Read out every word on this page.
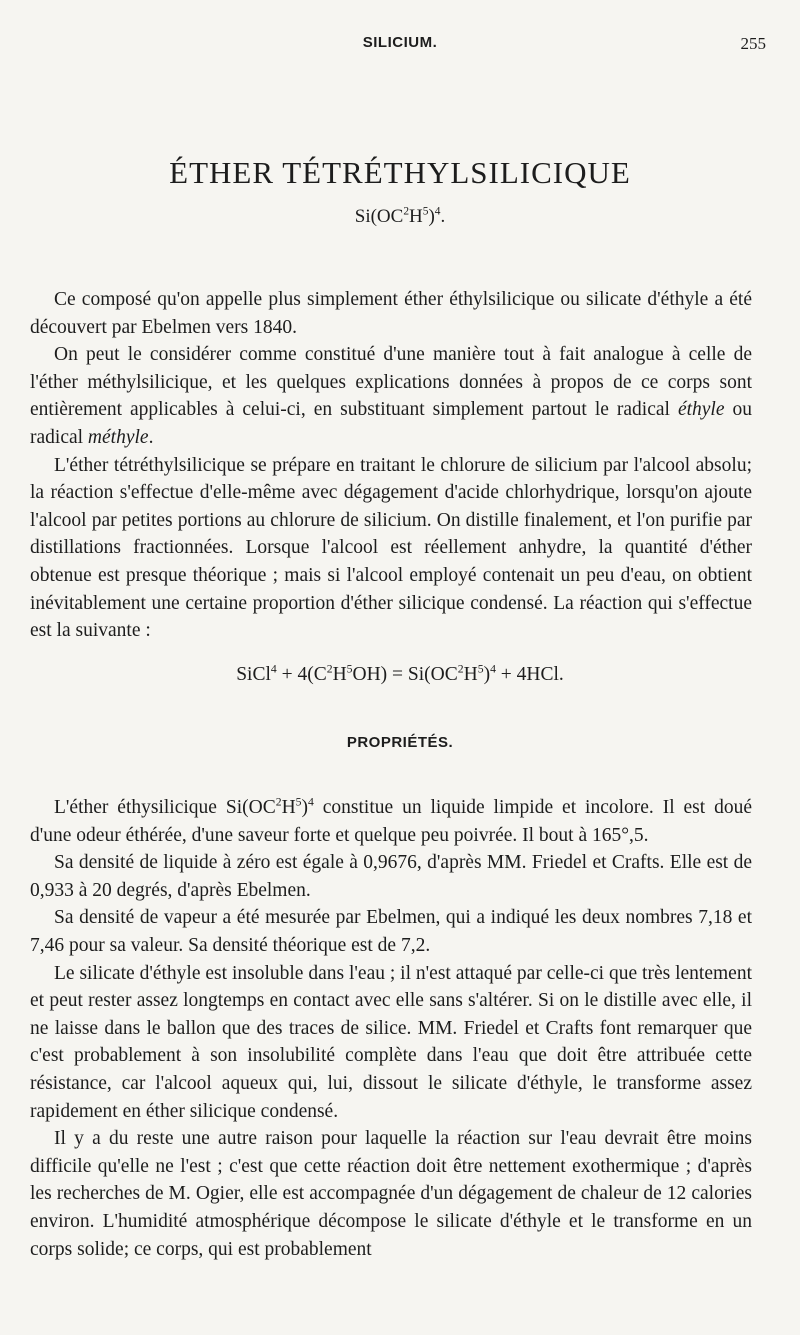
SILICIUM.	255
ÉTHER TÉTRÉTHYLSILICIQUE
$Si(OC^2H^5)^4$.

Ce composé qu'on appelle plus simplement éther éthylsilicique ou silicate d'éthyle a été découvert par Ebelmen vers 1840.

On peut le considérer comme constitué d'une manière tout à fait analogue à celle de l'éther méthylsilicique, et les quelques explications données à propos de ce corps sont entièrement applicables à celui-ci, en substituant simplement partout le radical éthyle ou radical méthyle.

L'éther tétréthylsilicique se prépare en traitant le chlorure de silicium par l'alcool absolu; la réaction s'effectue d'elle-même avec dégagement d'acide chlorhydrique, lorsqu'on ajoute l'alcool par petites portions au chlorure de silicium. On distille finalement, et l'on purifie par distillations fractionnées. Lorsque l'alcool est réellement anhydre, la quantité d'éther obtenue est presque théorique ; mais si l'alcool employé contenait un peu d'eau, on obtient inévitablement une certaine proportion d'éther silicique condensé. La réaction qui s'effectue est la suivante :

SiCl$^4$ + $4(C^2H^5OH) = Si(OC^2H^5)^4 + 4HCl$.
PROPRIÉTÉS.

L'éther éthysilicique $Si(OC^2H^5)^4$ constitue un liquide limpide et incolore. Il est doué d'une odeur éthérée, d'une saveur forte et quelque peu poivrée. Il bout à 165°,5.

Sa densité de liquide à zéro est égale à 0,9676, d'après MM. Friedel et Crafts. Elle est de 0,933 à 20 degrés, d'après Ebelmen.

Sa densité de vapeur a été mesurée par Ebelmen, qui a indiqué les deux nombres 7,18 et 7,46 pour sa valeur. Sa densité théorique est de 7,2.

Le silicate d'éthyle est insoluble dans l'eau ; il n'est attaqué par celle-ci que très lentement et peut rester assez longtemps en contact avec elle sans s'altérer. Si on le distille avec elle, il ne laisse dans le ballon que des traces de silice. MM. Friedel et Crafts font remarquer que c'est probablement à son insolubilité complète dans l'eau que doit être attribuée cette résistance, car l'alcool aqueux qui, lui, dissout le silicate d'éthyle, le transforme assez rapidement en éther silicique condensé.

Il y a du reste une autre raison pour laquelle la réaction sur l'eau devrait être moins difficile qu'elle ne l'est ; c'est que cette réaction doit être nettement exothermique ; d'après les recherches de M. Ogier, elle est accompagnée d'un dégagement de chaleur de 12 calories environ. L'humidité atmosphérique décompose le silicate d'éthyle et le transforme en un corps solide; ce corps, qui est probablement
